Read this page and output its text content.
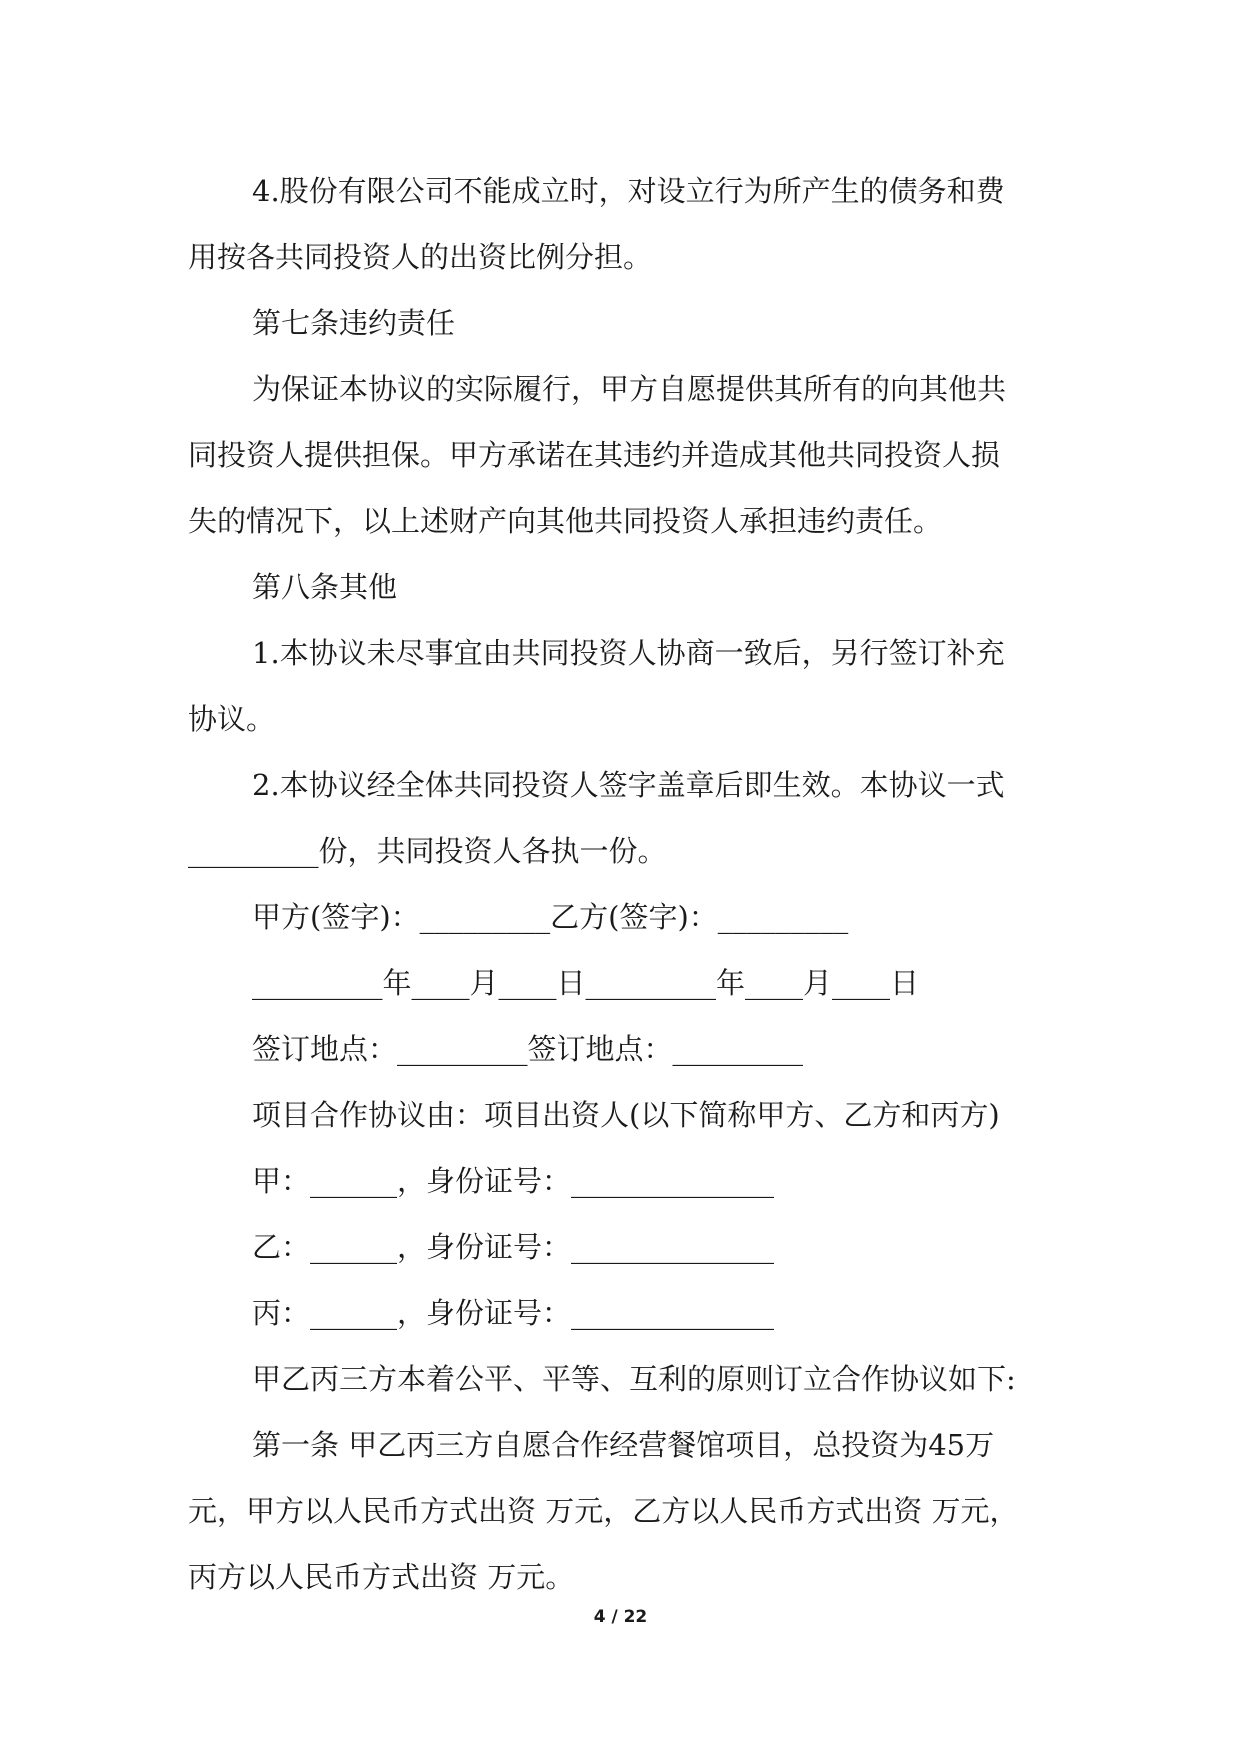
4.股份有限公司不能成立时，对设立行为所产生的债务和费
用按各共同投资人的出资比例分担。
第七条违约责任
为保证本协议的实际履行，甲方自愿提供其所有的向其他共
同投资人提供担保。甲方承诺在其违约并造成其他共同投资人损
失的情况下，以上述财产向其他共同投资人承担违约责任。
第八条其他
1.本协议未尽事宜由共同投资人协商一致后，另行签订补充
协议。
2.本协议经全体共同投资人签字盖章后即生效。本协议一式
_________份，共同投资人各执一份。
甲方(签字)：_________乙方(签字)：_________
_________年____月____日_________年____月____日
签订地点：_________签订地点：_________
项目合作协议由：项目出资人(以下简称甲方、乙方和丙方)
甲：______，身份证号：______________
乙：______，身份证号：______________
丙：______，身份证号：______________
甲乙丙三方本着公平、平等、互利的原则订立合作协议如下:
第一条 甲乙丙三方自愿合作经营餐馆项目，总投资为45万
元，甲方以人民币方式出资 万元，乙方以人民币方式出资 万元，
丙方以人民币方式出资 万元。
4 / 22
